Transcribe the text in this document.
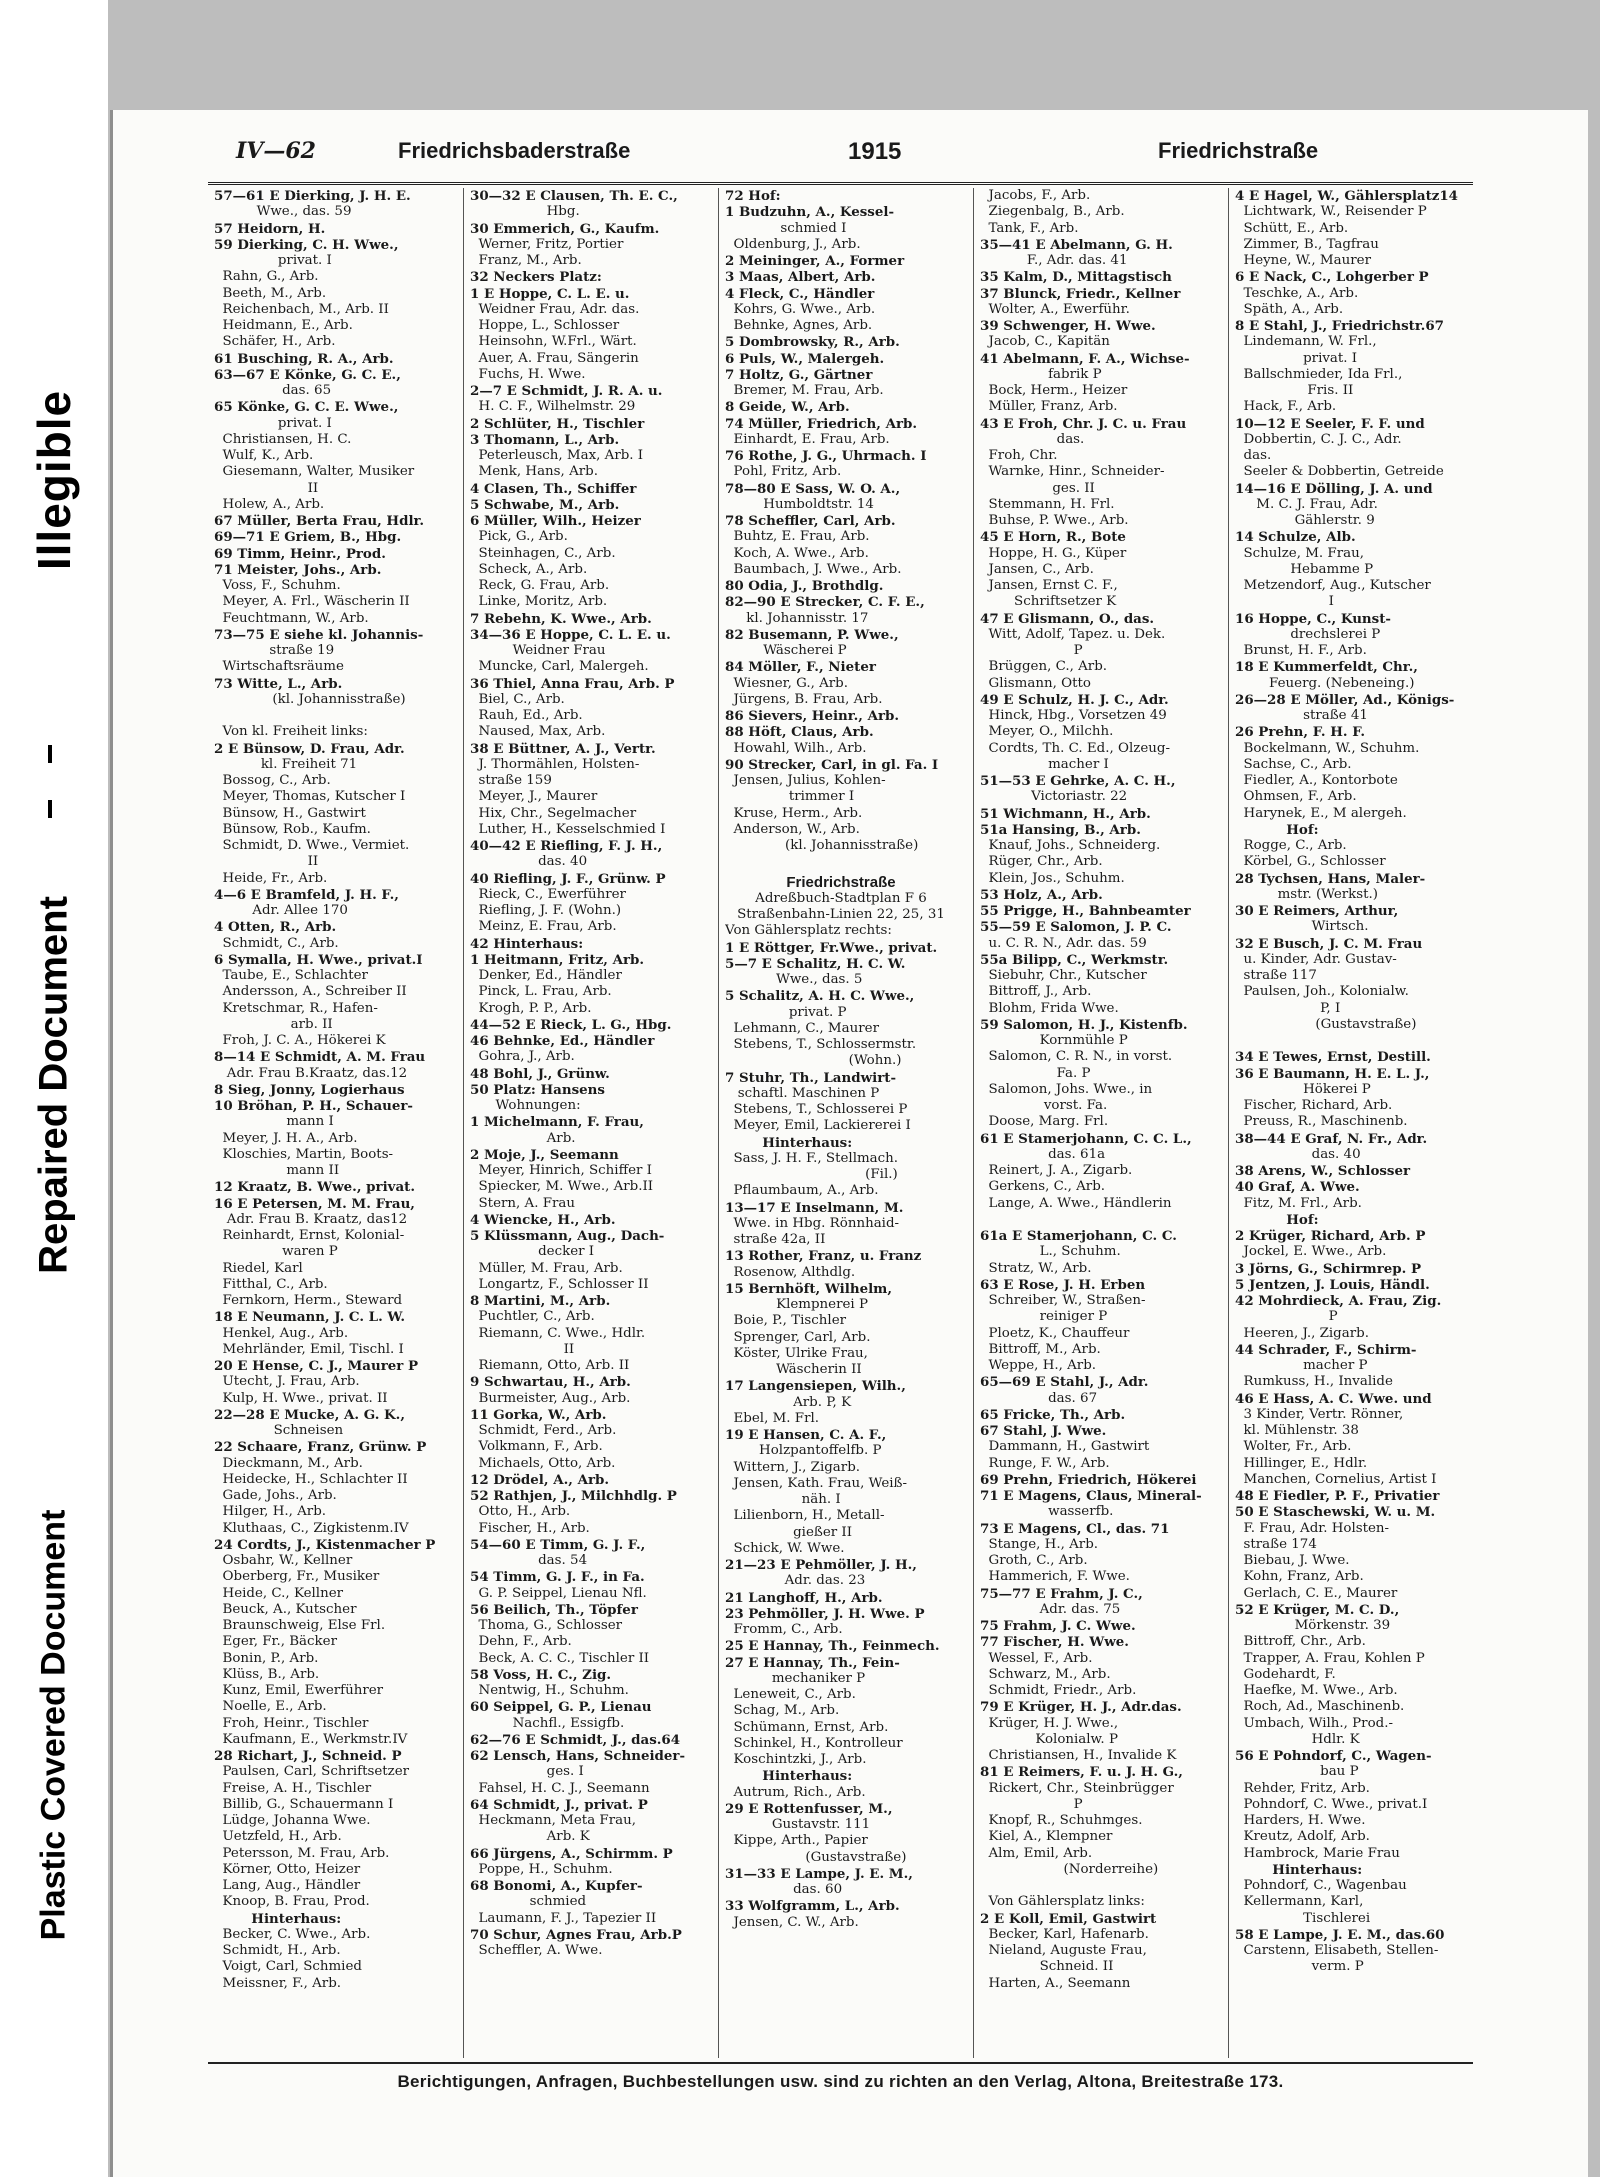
Illegible
Repaired Document
Plastic Covered Document
IV—62	Friedrichsbaderstraße	1915	Friedrichstraße
57—61 E Dierking, J. H. E.
Wwe., das. 59
57 Heidorn, H.
59 Dierking, C. H. Wwe.,
privat. I
Rahn, G., Arb.
Beeth, M., Arb.
Reichenbach, M., Arb. II
Heidmann, E., Arb.
Schäfer, H., Arb.
61 Busching, R. A., Arb.
63—67 E Könke, G. C. E.,
das. 65
65 Könke, G. C. E. Wwe.,
privat. I
Christiansen, H. C.
Wulf, K., Arb.
Giesemann, Walter, Musiker
II
Holew, A., Arb.
67 Müller, Berta Frau, Hdlr.
69—71 E Griem, B., Hbg.
69 Timm, Heinr., Prod.
71 Meister, Johs., Arb.
Voss, F., Schuhm.
Meyer, A. Frl., Wäscherin II
Feuchtmann, W., Arb.
73—75 E siehe kl. Johannis-
straße 19
Wirtschaftsräume
73 Witte, L., Arb.
(kl. Johannisstraße)

Von kl. Freiheit links:
2 E Bünsow, D. Frau, Adr.
kl. Freiheit 71
Bossog, C., Arb.
Meyer, Thomas, Kutscher I
Bünsow, H., Gastwirt
Bünsow, Rob., Kaufm.
Schmidt, D. Wwe., Vermiet.
II
Heide, Fr., Arb.
4—6 E Bramfeld, J. H. F.,
Adr. Allee 170
4 Otten, R., Arb.
Schmidt, C., Arb.
6 Symalla, H. Wwe., privat.I
Taube, E., Schlachter
Andersson, A., Schreiber II
Kretschmar, R., Hafen-
arb. II
Froh, J. C. A., Hökerei K
8—14 E Schmidt, A. M. Frau
Adr. Frau B.Kraatz, das.12
8 Sieg, Jonny, Logierhaus
10 Bröhan, P. H., Schauer-
mann I
Meyer, J. H. A., Arb.
Kloschies, Martin, Boots-
mann II
12 Kraatz, B. Wwe., privat.
16 E Petersen, M. M. Frau,
Adr. Frau B. Kraatz, das12
Reinhardt, Ernst, Kolonial-
waren P
Riedel, Karl
Fitthal, C., Arb.
Fernkorn, Herm., Steward
18 E Neumann, J. C. L. W.
Henkel, Aug., Arb.
Mehrländer, Emil, Tischl. I
20 E Hense, C. J., Maurer P
Utecht, J. Frau, Arb.
Kulp, H. Wwe., privat. II
22—28 E Mucke, A. G. K.,
Schneisen
22 Schaare, Franz, Grünw. P
Dieckmann, M., Arb.
Heidecke, H., Schlachter II
Gade, Johs., Arb.
Hilger, H., Arb.
Kluthaas, C., Zigkistenm.IV
24 Cordts, J., Kistenmacher P
Osbahr, W., Kellner
Oberberg, Fr., Musiker
Heide, C., Kellner
Beuck, A., Kutscher
Braunschweig, Else Frl.
Eger, Fr., Bäcker
Bonin, P., Arb.
Klüss, B., Arb.
Kunz, Emil, Ewerführer
Noelle, E., Arb.
Froh, Heinr., Tischler
Kaufmann, E., Werkmstr.IV
28 Richart, J., Schneid. P
Paulsen, Carl, Schriftsetzer
Freise, A. H., Tischler
Billib, G., Schauermann I
Lüdge, Johanna Wwe.
Uetzfeld, H., Arb.
Petersson, M. Frau, Arb.
Körner, Otto, Heizer
Lang, Aug., Händler
Knoop, B. Frau, Prod.
Hinterhaus:
Becker, C. Wwe., Arb.
Schmidt, H., Arb.
Voigt, Carl, Schmied
Meissner, F., Arb.
30—32 E Clausen, Th. E. C.,
Hbg.
30 Emmerich, G., Kaufm.
Werner, Fritz, Portier
Franz, M., Arb.
32 Neckers Platz:
1 E Hoppe, C. L. E. u.
Weidner Frau, Adr. das.
Hoppe, L., Schlosser
Heinsohn, W.Frl., Wärt.
Auer, A. Frau, Sängerin
Fuchs, H. Wwe.
2—7 E Schmidt, J. R. A. u.
H. C. F., Wilhelmstr. 29
2 Schlüter, H., Tischler
3 Thomann, L., Arb.
Peterleusch, Max, Arb. I
Menk, Hans, Arb.
4 Clasen, Th., Schiffer
5 Schwabe, M., Arb.
6 Müller, Wilh., Heizer
Pick, G., Arb.
Steinhagen, C., Arb.
Scheck, A., Arb.
Reck, G. Frau, Arb.
Linke, Moritz, Arb.
7 Rebehn, K. Wwe., Arb.
34—36 E Hoppe, C. L. E. u.
Weidner Frau
Muncke, Carl, Malergeh.
36 Thiel, Anna Frau, Arb. P
Biel, C., Arb.
Rauh, Ed., Arb.
Naused, Max, Arb.
38 E Büttner, A. J., Vertr.
J. Thormählen, Holsten-
straße 159
Meyer, J., Maurer
Hix, Chr., Segelmacher
Luther, H., Kesselschmied I
40—42 E Riefling, F. J. H.,
das. 40
40 Riefling, J. F., Grünw. P
Rieck, C., Ewerführer
Riefling, J. F. (Wohn.)
Meinz, E. Frau, Arb.
42 Hinterhaus:
1 Heitmann, Fritz, Arb.
Denker, Ed., Händler
Pinck, L. Frau, Arb.
Krogh, P. P., Arb.
44—52 E Rieck, L. G., Hbg.
46 Behnke, Ed., Händler
Gohra, J., Arb.
48 Bohl, J., Grünw.
50 Platz: Hansens
Wohnungen:
1 Michelmann, F. Frau,
Arb.
2 Moje, J., Seemann
Meyer, Hinrich, Schiffer I
Spiecker, M. Wwe., Arb.II
Stern, A. Frau
4 Wiencke, H., Arb.
5 Klüssmann, Aug., Dach-
decker I
Müller, M. Frau, Arb.
Longartz, F., Schlosser II
8 Martini, M., Arb.
Puchtler, C., Arb.
Riemann, C. Wwe., Hdlr.
II
Riemann, Otto, Arb. II
9 Schwartau, H., Arb.
Burmeister, Aug., Arb.
11 Gorka, W., Arb.
Schmidt, Ferd., Arb.
Volkmann, F., Arb.
Michaels, Otto, Arb.
12 Drödel, A., Arb.
52 Rathjen, J., Milchhdlg. P
Otto, H., Arb.
Fischer, H., Arb.
54—60 E Timm, G. J. F.,
das. 54
54 Timm, G. J. F., in Fa.
G. P. Seippel, Lienau Nfl.
56 Beilich, Th., Töpfer
Thoma, G., Schlosser
Dehn, F., Arb.
Beck, A. C. C., Tischler II
58 Voss, H. C., Zig.
Nentwig, H., Schuhm.
60 Seippel, G. P., Lienau
Nachfl., Essigfb.
62—76 E Schmidt, J., das.64
62 Lensch, Hans, Schneider-
ges. I
Fahsel, H. C. J., Seemann
64 Schmidt, J., privat. P
Heckmann, Meta Frau,
Arb. K
66 Jürgens, A., Schirmm. P
Poppe, H., Schuhm.
68 Bonomi, A., Kupfer-
schmied
Laumann, F. J., Tapezier II
70 Schur, Agnes Frau, Arb.P
Scheffler, A. Wwe.
72 Hof:
1 Budzuhn, A., Kessel-
schmied I
Oldenburg, J., Arb.
2 Meininger, A., Former
3 Maas, Albert, Arb.
4 Fleck, C., Händler
Kohrs, G. Wwe., Arb.
Behnke, Agnes, Arb.
5 Dombrowsky, R., Arb.
6 Puls, W., Malergeh.
7 Holtz, G., Gärtner
Bremer, M. Frau, Arb.
8 Geide, W., Arb.
74 Müller, Friedrich, Arb.
Einhardt, E. Frau, Arb.
76 Rothe, J. G., Uhrmach. I
Pohl, Fritz, Arb.
78—80 E Sass, W. O. A.,
Humboldtstr. 14
78 Scheffler, Carl, Arb.
Buhtz, E. Frau, Arb.
Koch, A. Wwe., Arb.
Baumbach, J. Wwe., Arb.
80 Odia, J., Brothdlg.
82—90 E Strecker, C. F. E.,
kl. Johannisstr. 17
82 Busemann, P. Wwe.,
Wäscherei P
84 Möller, F., Nieter
Wiesner, G., Arb.
Jürgens, B. Frau, Arb.
86 Sievers, Heinr., Arb.
88 Höft, Claus, Arb.
Howahl, Wilh., Arb.
90 Strecker, Carl, in gl. Fa. I
Jensen, Julius, Kohlen-
trimmer I
Kruse, Herm., Arb.
Anderson, W., Arb.
(kl. Johannisstraße)

Friedrichstraße
Adreßbuch-Stadtplan F 6
Straßenbahn-Linien 22, 25, 31
Von Gählersplatz rechts:
1 E Röttger, Fr.Wwe., privat.
5—7 E Schalitz, H. C. W.
Wwe., das. 5
5 Schalitz, A. H. C. Wwe.,
privat. P
Lehmann, C., Maurer
Stebens, T., Schlossermstr.
(Wohn.)
7 Stuhr, Th., Landwirt-
schaftl. Maschinen P
Stebens, T., Schlosserei P
Meyer, Emil, Lackiererei I
Hinterhaus:
Sass, J. H. F., Stellmach.
(Fil.)
Pflaumbaum, A., Arb.
13—17 E Inselmann, M.
Wwe. in Hbg. Rönnhaid-
straße 42a, II
13 Rother, Franz, u. Franz
Rosenow, Althdlg.
15 Bernhöft, Wilhelm,
Klempnerei P
Boie, P., Tischler
Sprenger, Carl, Arb.
Köster, Ulrike Frau,
Wäscherin II
17 Langensiepen, Wilh.,
Arb. P, K
Ebel, M. Frl.
19 E Hansen, C. A. F.,
Holzpantoffelfb. P
Wittern, J., Zigarb.
Jensen, Kath. Frau, Weiß-
näh. I
Lilienborn, H., Metall-
gießer II
Schick, W. Wwe.
21—23 E Pehmöller, J. H.,
Adr. das. 23
21 Langhoff, H., Arb.
23 Pehmöller, J. H. Wwe. P
Fromm, C., Arb.
25 E Hannay, Th., Feinmech.
27 E Hannay, Th., Fein-
mechaniker P
Leneweit, C., Arb.
Schag, M., Arb.
Schümann, Ernst, Arb.
Schinkel, H., Kontrolleur
Koschintzki, J., Arb.
Hinterhaus:
Autrum, Rich., Arb.
29 E Rottenfusser, M.,
Gustavstr. 111
Kippe, Arth., Papier
(Gustavstraße)
31—33 E Lampe, J. E. M.,
das. 60
33 Wolfgramm, L., Arb.
Jensen, C. W., Arb.
Jacobs, F., Arb.
Ziegenbalg, B., Arb.
Tank, F., Arb.
35—41 E Abelmann, G. H.
F., Adr. das. 41
35 Kalm, D., Mittagstisch
37 Blunck, Friedr., Kellner
Wolter, A., Ewerführ.
39 Schwenger, H. Wwe.
Jacob, C., Kapitän
41 Abelmann, F. A., Wichse-
fabrik P
Bock, Herm., Heizer
Müller, Franz, Arb.
43 E Froh, Chr. J. C. u. Frau
das.
Froh, Chr.
Warnke, Hinr., Schneider-
ges. II
Stemmann, H. Frl.
Buhse, P. Wwe., Arb.
45 E Horn, R., Bote
Hoppe, H. G., Küper
Jansen, C., Arb.
Jansen, Ernst C. F.,
Schriftsetzer K
47 E Glismann, O., das.
Witt, Adolf, Tapez. u. Dek.
P
Brüggen, C., Arb.
Glismann, Otto
49 E Schulz, H. J. C., Adr.
Hinck, Hbg., Vorsetzen 49
Meyer, O., Milchh.
Cordts, Th. C. Ed., Ölzeug-
macher I
51—53 E Gehrke, A. C. H.,
Victoriastr. 22
51 Wichmann, H., Arb.
51a Hansing, B., Arb.
Knauf, Johs., Schneiderg.
Rüger, Chr., Arb.
Klein, Jos., Schuhm.
53 Holz, A., Arb.
55 Prigge, H., Bahnbeamter
55—59 E Salomon, J. P. C.
u. C. R. N., Adr. das. 59
55a Bilipp, C., Werkmstr.
Siebuhr, Chr., Kutscher
Bittroff, J., Arb.
Blohm, Frida Wwe.
59 Salomon, H. J., Kistenfb.
Kornmühle P
Salomon, C. R. N., in vorst.
Fa. P
Salomon, Johs. Wwe., in
vorst. Fa.
Doose, Marg. Frl.
61 E Stamerjohann, C. C. L.,
das. 61a
Reinert, J. A., Zigarb.
Gerkens, C., Arb.
Lange, A. Wwe., Händlerin

61a E Stamerjohann, C. C.
L., Schuhm.
Stratz, W., Arb.
63 E Rose, J. H. Erben
Schreiber, W., Straßen-
reiniger P
Ploetz, K., Chauffeur
Bittroff, M., Arb.
Weppe, H., Arb.
65—69 E Stahl, J., Adr.
das. 67
65 Fricke, Th., Arb.
67 Stahl, J. Wwe.
Dammann, H., Gastwirt
Runge, F. W., Arb.
69 Prehn, Friedrich, Hökerei
71 E Magens, Claus, Mineral-
wasserfb.
73 E Magens, Cl., das. 71
Stange, H., Arb.
Groth, C., Arb.
Hammerich, F. Wwe.
75—77 E Frahm, J. C.,
Adr. das. 75
75 Frahm, J. C. Wwe.
77 Fischer, H. Wwe.
Wessel, F., Arb.
Schwarz, M., Arb.
Schmidt, Friedr., Arb.
79 E Krüger, H. J., Adr.das.
Krüger, H. J. Wwe.,
Kolonialw. P
Christiansen, H., Invalide K
81 E Reimers, F. u. J. H. G.,
Rickert, Chr., Steinbrügger
P
Knopf, R., Schuhmges.
Kiel, A., Klempner
Alm, Emil, Arb.
(Norderreihe)

Von Gählersplatz links:
2 E Koll, Emil, Gastwirt
Becker, Karl, Hafenarb.
Nieland, Auguste Frau,
Schneid. II
Harten, A., Seemann
4 E Hagel, W., Gählersplatz14
Lichtwark, W., Reisender P
Schütt, E., Arb.
Zimmer, B., Tagfrau
Heyne, W., Maurer
6 E Nack, C., Lohgerber P
Teschke, A., Arb.
Späth, A., Arb.
8 E Stahl, J., Friedrichstr.67
Lindemann, W. Frl.,
privat. I
Ballschmieder, Ida Frl.,
Fris. II
Hack, F., Arb.
10—12 E Seeler, F. F. und
Dobbertin, C. J. C., Adr.
das.
Seeler & Dobbertin, Getreide
14—16 E Dölling, J. A. und
M. C. J. Frau, Adr.
Gählerstr. 9
14 Schulze, Alb.
Schulze, M. Frau,
Hebamme P
Metzendorf, Aug., Kutscher
I
16 Hoppe, C., Kunst-
drechslerei P
Brunst, H. F., Arb.
18 E Kummerfeldt, Chr.,
Feuerg. (Nebeneing.)
26—28 E Möller, Ad., Königs-
straße 41
26 Prehn, F. H. F.
Bockelmann, W., Schuhm.
Sachse, C., Arb.
Fiedler, A., Kontorbote
Ohmsen, F., Arb.
Harynek, E., M alergeh.
Hof:
Rogge, C., Arb.
Körbel, G., Schlosser
28 Tychsen, Hans, Maler-
mstr. (Werkst.)
30 E Reimers, Arthur,
Wirtsch.
32 E Busch, J. C. M. Frau
u. Kinder, Adr. Gustav-
straße 117
Paulsen, Joh., Kolonialw.
P, I
(Gustavstraße)

34 E Tewes, Ernst, Destill.
36 E Baumann, H. E. L. J.,
Hökerei P
Fischer, Richard, Arb.
Preuss, R., Maschinenb.
38—44 E Graf, N. Fr., Adr.
das. 40
38 Arens, W., Schlosser
40 Graf, A. Wwe.
Fitz, M. Frl., Arb.
Hof:
2 Krüger, Richard, Arb. P
Jockel, E. Wwe., Arb.
3 Jörns, G., Schirmrep. P
5 Jentzen, J. Louis, Händl.
42 Mohrdieck, A. Frau, Zig.
P
Heeren, J., Zigarb.
44 Schrader, F., Schirm-
macher P
Rumkuss, H., Invalide
46 E Hass, A. C. Wwe. und
3 Kinder, Vertr. Rönner,
kl. Mühlenstr. 38
Wolter, Fr., Arb.
Hillinger, E., Hdlr.
Manchen, Cornelius, Artist I
48 E Fiedler, P. F., Privatier
50 E Staschewski, W. u. M.
F. Frau, Adr. Holsten-
straße 174
Biebau, J. Wwe.
Kohn, Franz, Arb.
Gerlach, C. E., Maurer
52 E Krüger, M. C. D.,
Mörkenstr. 39
Bittroff, Chr., Arb.
Trapper, A. Frau, Kohlen P
Godehardt, F.
Haefke, M. Wwe., Arb.
Roch, Ad., Maschinenb.
Umbach, Wilh., Prod.-
Hdlr. K
56 E Pohndorf, C., Wagen-
bau P
Rehder, Fritz, Arb.
Pohndorf, C. Wwe., privat.I
Harders, H. Wwe.
Kreutz, Adolf, Arb.
Hambrock, Marie Frau
Hinterhaus:
Pohndorf, C., Wagenbau
Kellermann, Karl,
Tischlerei
58 E Lampe, J. E. M., das.60
Carstenn, Elisabeth, Stellen-
verm. P
Berichtigungen, Anfragen, Buchbestellungen usw. sind zu richten an den Verlag, Altona, Breitestraße 173.
